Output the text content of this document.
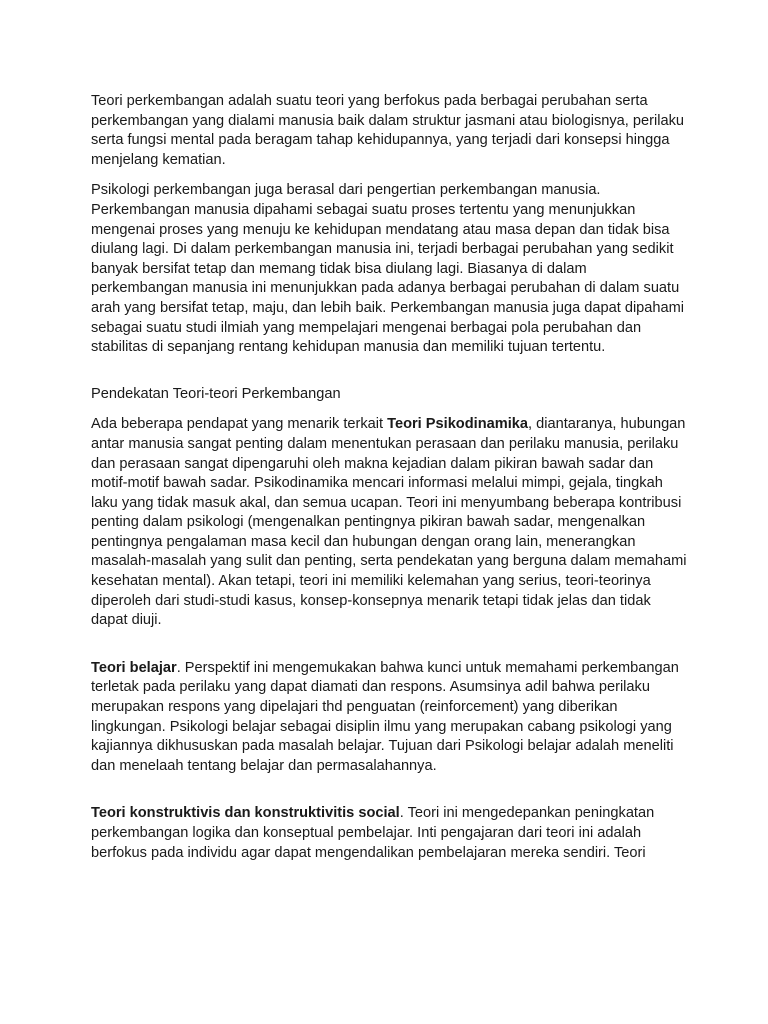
Teori perkembangan adalah suatu teori yang berfokus pada berbagai perubahan serta perkembangan yang dialami manusia baik dalam struktur jasmani atau biologisnya, perilaku serta fungsi mental pada beragam tahap kehidupannya, yang terjadi dari konsepsi hingga menjelang kematian.

Psikologi perkembangan juga berasal dari pengertian perkembangan manusia. Perkembangan manusia dipahami sebagai suatu proses tertentu yang menunjukkan mengenai proses yang menuju ke kehidupan mendatang atau masa depan dan tidak bisa diulang lagi. Di dalam perkembangan manusia ini, terjadi berbagai perubahan yang sedikit banyak bersifat tetap dan memang tidak bisa diulang lagi. Biasanya di dalam perkembangan manusia ini menunjukkan pada adanya berbagai perubahan di dalam suatu arah yang bersifat tetap, maju, dan lebih baik. Perkembangan manusia juga dapat dipahami sebagai suatu studi ilmiah yang mempelajari mengenai berbagai pola perubahan dan stabilitas di sepanjang rentang kehidupan manusia dan memiliki tujuan tertentu.

Pendekatan Teori-teori Perkembangan

Ada beberapa pendapat yang menarik terkait Teori Psikodinamika, diantaranya, hubungan antar manusia sangat penting dalam menentukan perasaan dan perilaku manusia, perilaku dan perasaan sangat dipengaruhi oleh makna kejadian dalam pikiran bawah sadar dan motif-motif bawah sadar. Psikodinamika mencari informasi melalui mimpi, gejala, tingkah laku yang tidak masuk akal, dan semua ucapan. Teori ini menyumbang beberapa kontribusi penting dalam psikologi (mengenalkan pentingnya pikiran bawah sadar, mengenalkan pentingnya pengalaman masa kecil dan hubungan dengan orang lain, menerangkan masalah-masalah yang sulit dan penting, serta pendekatan yang berguna dalam memahami kesehatan mental). Akan tetapi, teori ini memiliki kelemahan yang serius, teori-teorinya diperoleh dari studi-studi kasus, konsep-konsepnya menarik tetapi tidak jelas dan tidak dapat diuji.

Teori belajar. Perspektif ini mengemukakan bahwa kunci untuk memahami perkembangan terletak pada perilaku yang dapat diamati dan respons. Asumsinya adil bahwa perilaku merupakan respons yang dipelajari thd penguatan (reinforcement) yang diberikan lingkungan. Psikologi belajar sebagai disiplin ilmu yang merupakan cabang psikologi yang kajiannya dikhususkan pada masalah belajar. Tujuan dari Psikologi belajar adalah meneliti dan menelaah tentang belajar dan permasalahannya.

Teori konstruktivis dan konstruktivitis social. Teori ini mengedepankan peningkatan perkembangan logika dan konseptual pembelajar. Inti pengajaran dari teori ini adalah berfokus pada individu agar dapat mengendalikan pembelajaran mereka sendiri. Teori
